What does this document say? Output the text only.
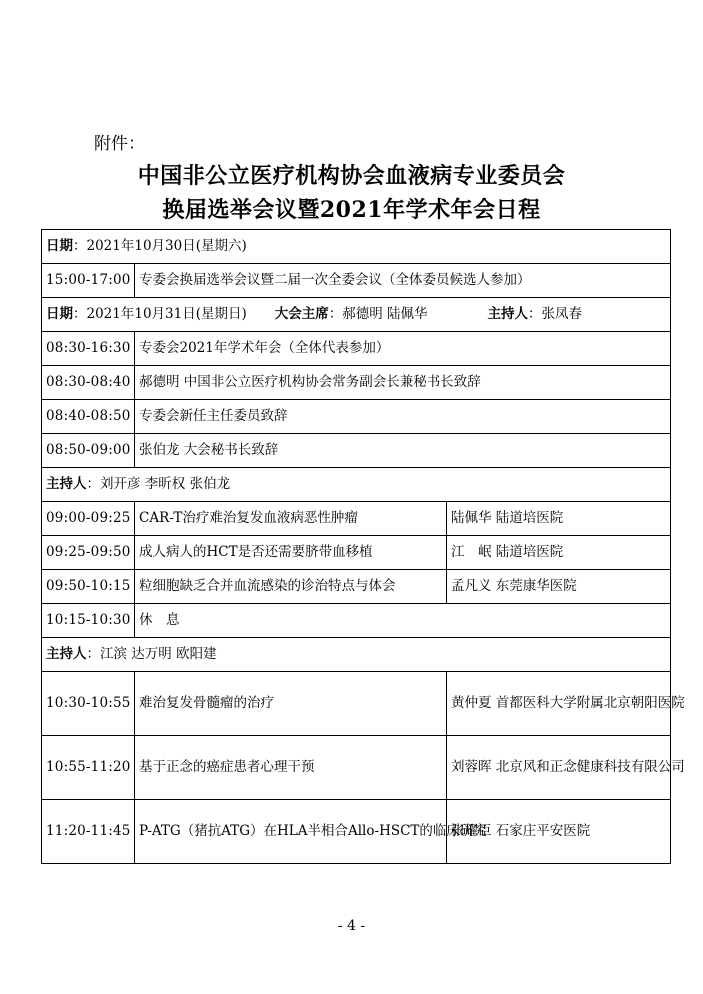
附件：
中国非公立医疗机构协会血液病专业委员会
换届选举会议暨2021年学术年会日程
日期：2021年10月30日(星期六)		
15:00-17:00	专委会换届选举会议暨二届一次全委会议（全体委员候选人参加）	
日期：2021年10月31日(星期日) 大会主席：郝德明 陆佩华 主持人：张凤春		
08:30-16:30	专委会2021年学术年会（全体代表参加）	
08:30-08:40	郝德明 中国非公立医疗机构协会常务副会长兼秘书长致辞	
08:40-08:50	专委会新任主任委员致辞	
08:50-09:00	张伯龙 大会秘书长致辞	
主持人：刘开彦 李昕权 张伯龙		
09:00-09:25	CAR-T治疗难治复发血液病恶性肿瘤	陆佩华 陆道培医院
09:25-09:50	成人病人的HCT是否还需要脐带血移植	江　岷 陆道培医院
09:50-10:15	粒细胞缺乏合并血流感染的诊治特点与体会	孟凡义 东莞康华医院
10:15-10:30	休　息	
主持人：江滨 达万明 欧阳建		
10:30-10:55	难治复发骨髓瘤的治疗	黄仲夏 首都医科大学附属北京朝阳医院
10:55-11:20	基于正念的癌症患者心理干预	刘蓉晖 北京风和正念健康科技有限公司
11:20-11:45	P-ATG（猪抗ATG）在HLA半相合Allo-HSCT的临床研究	张耀臣 石家庄平安医院
- 4 -
